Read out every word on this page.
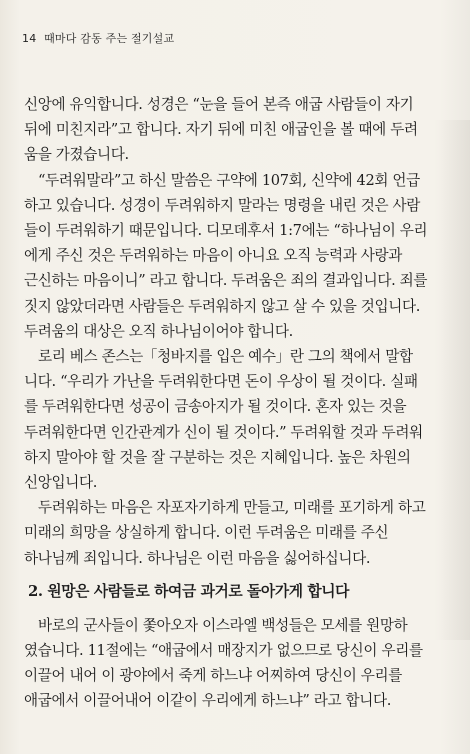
14 때마다 감동 주는 절기설교

신앙에 유익합니다. 성경은 “눈을 들어 본즉 애굽 사람들이 자기
뒤에 미친지라”고 합니다. 자기 뒤에 미친 애굽인을 볼 때에 두려
움을 가졌습니다.

“두려워말라”고 하신 말씀은 구약에 107회, 신약에 42회 언급
하고 있습니다. 성경이 두려워하지 말라는 명령을 내린 것은 사람
들이 두려워하기 때문입니다. 디모데후서 1:7에는 “하나님이 우리
에게 주신 것은 두려워하는 마음이 아니요 오직 능력과 사랑과
근신하는 마음이니” 라고 합니다. 두려움은 죄의 결과입니다. 죄를
짓지 않았더라면 사람들은 두려워하지 않고 살 수 있을 것입니다.
두려움의 대상은 오직 하나님이어야 합니다.

로리 베스 존스는「청바지를 입은 예수」란 그의 책에서 말합
니다. “우리가 가난을 두려워한다면 돈이 우상이 될 것이다. 실패
를 두려워한다면 성공이 금송아지가 될 것이다. 혼자 있는 것을
두려워한다면 인간관계가 신이 될 것이다.” 두려워할 것과 두려워
하지 말아야 할 것을 잘 구분하는 것은 지혜입니다. 높은 차원의
신앙입니다.

두려워하는 마음은 자포자기하게 만들고, 미래를 포기하게 하고
미래의 희망을 상실하게 합니다. 이런 두려움은 미래를 주신
하나님께 죄입니다. 하나님은 이런 마음을 싫어하십니다.

2. 원망은 사람들로 하여금 과거로 돌아가게 합니다

바로의 군사들이 쫓아오자 이스라엘 백성들은 모세를 원망하
였습니다. 11절에는 “애굽에서 매장지가 없으므로 당신이 우리를
이끌어 내어 이 광야에서 죽게 하느냐 어찌하여 당신이 우리를
애굽에서 이끌어내어 이같이 우리에게 하느냐” 라고 합니다.
